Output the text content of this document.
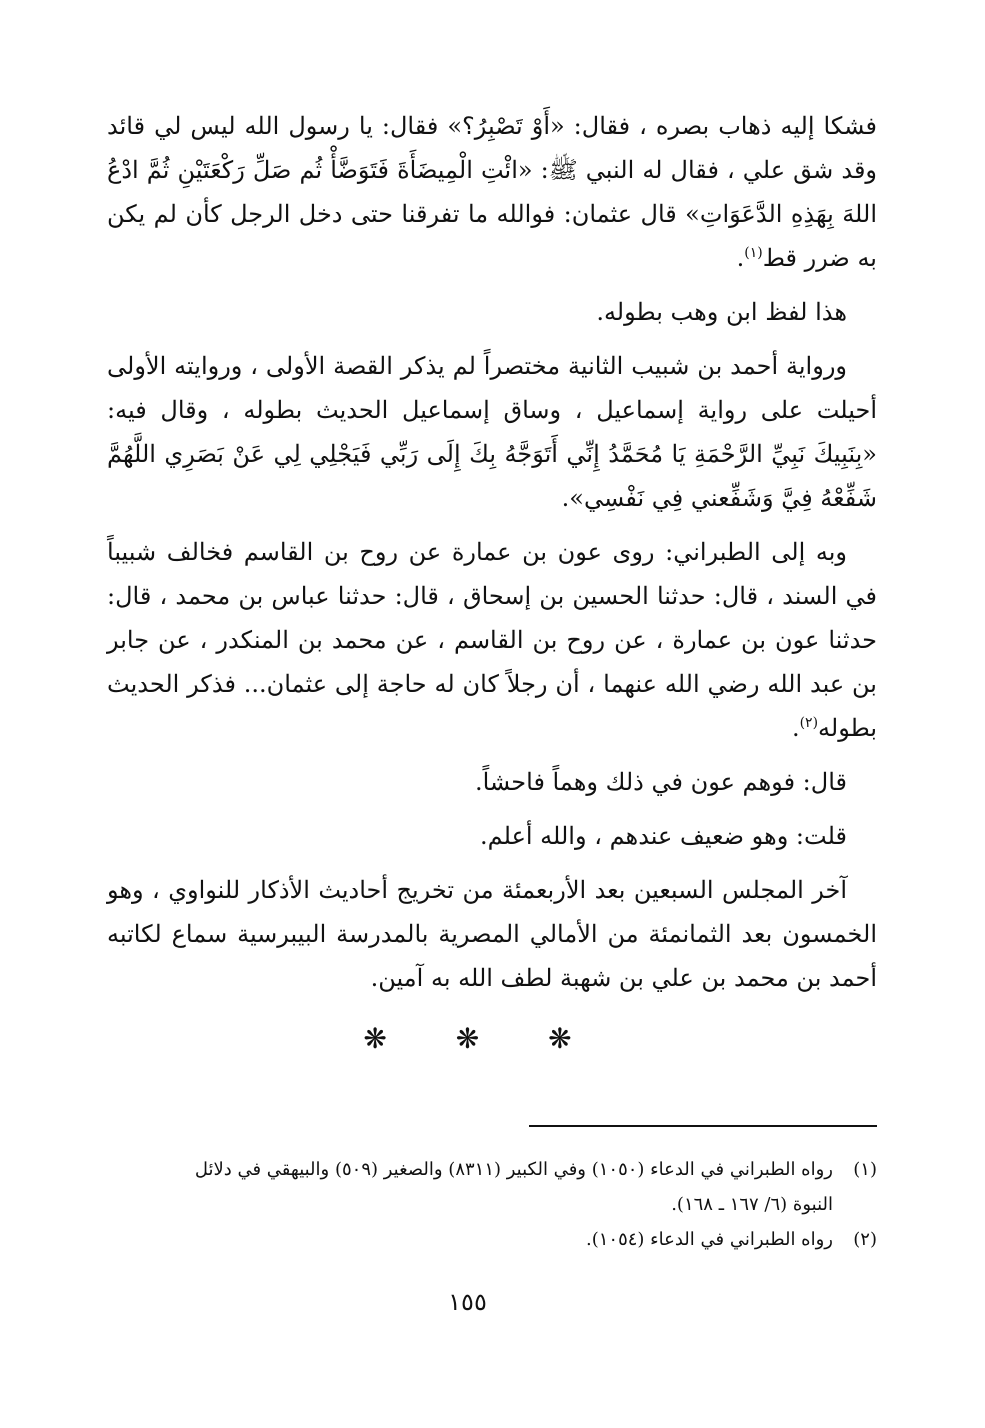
فشكا إليه ذهاب بصره ، فقال: «أَوْ تَصْبِرُ؟» فقال: يا رسول الله ليس لي قائد وقد شق علي ، فقال له النبي ﷺ: «ائْتِ الْمِيضَأَةَ فَتَوَضَّأْ ثُم صَلِّ رَكْعَتَيْنِ ثُمَّ ادْعُ اللهَ بِهَذِهِ الدَّعَوَاتِ» قال عثمان: فوالله ما تفرقنا حتى دخل الرجل كأن لم يكن به ضرر قط$^{(١)}$.

هذا لفظ ابن وهب بطوله.

ورواية أحمد بن شبيب الثانية مختصراً لم يذكر القصة الأولى ، وروايته الأولى أحيلت على رواية إسماعيل ، وساق إسماعيل الحديث بطوله ، وقال فيه: «بِنَبِيكَ نَبِيِّ الرَّحْمَةِ يَا مُحَمَّدُ إِنِّي أَتَوَجَّهُ بِكَ إِلَى رَبِّي فَيَجْلِي لِي عَنْ بَصَرِي اللَّهُمَّ شَفِّعْهُ فِيَّ وَشَفِّعني فِي نَفْسِي».

وبه إلى الطبراني: روى عون بن عمارة عن روح بن القاسم فخالف شبيباً في السند ، قال: حدثنا الحسين بن إسحاق ، قال: حدثنا عباس بن محمد ، قال: حدثنا عون بن عمارة ، عن روح بن القاسم ، عن محمد بن المنكدر ، عن جابر بن عبد الله رضي الله عنهما ، أن رجلاً كان له حاجة إلى عثمان... فذكر الحديث بطوله$^{(٢)}$.

قال: فوهم عون في ذلك وهماً فاحشاً.

قلت: وهو ضعيف عندهم ، والله أعلم.

آخر المجلس السبعين بعد الأربعمئة من تخريج أحاديث الأذكار للنواوي ، وهو الخمسون بعد الثمانمئة من الأمالي المصرية بالمدرسة البيبرسية سماع لكاتبه أحمد بن محمد بن علي بن شهبة لطف الله به آمين.

❋ ❋ ❋

(١)رواه الطبراني في الدعاء (١٠٥٠) وفي الكبير (٨٣١١) والصغير (٥٠٩) والبيهقي في دلائل

النبوة (٦/ ١٦٧ ـ ١٦٨).

(٢)رواه الطبراني في الدعاء (١٠٥٤).

١٥٥
